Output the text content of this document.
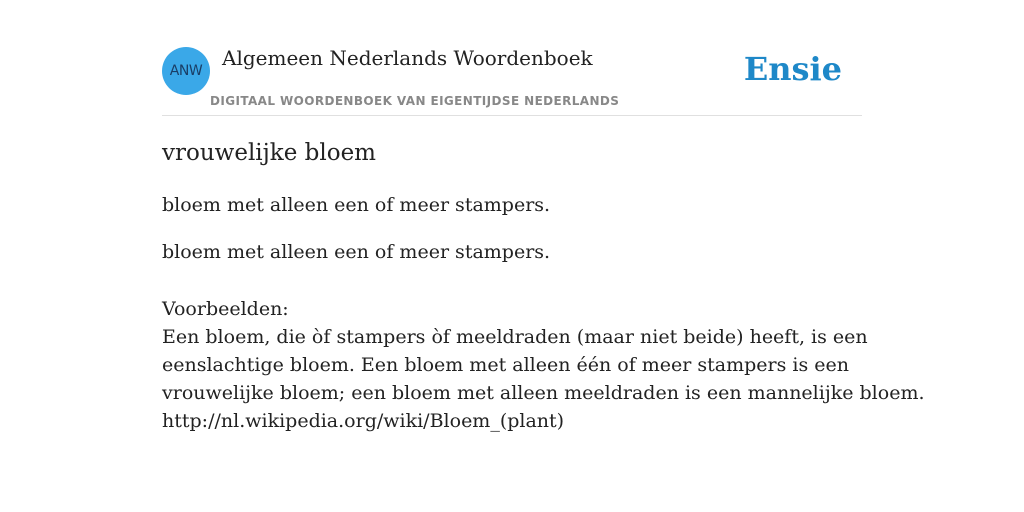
ANW
Algemeen Nederlands Woordenboek
DIGITAAL WOORDENBOEK VAN EIGENTIJDSE NEDERLANDS
Ensie
vrouwelijke bloem
bloem met alleen een of meer stampers.
bloem met alleen een of meer stampers.
Voorbeelden:
Een bloem, die òf stampers òf meeldraden (maar niet beide) heeft, is een
eenslachtige bloem. Een bloem met alleen één of meer stampers is een
vrouwelijke bloem; een bloem met alleen meeldraden is een mannelijke bloem.
http://nl.wikipedia.org/wiki/Bloem_(plant)
